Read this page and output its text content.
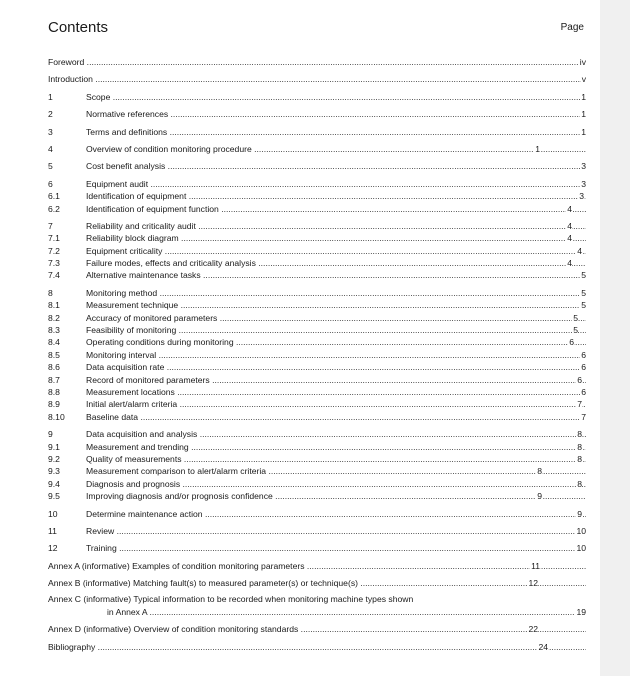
Contents	Page
Foreword .....	iv
Introduction .....	v
1	Scope .....	1
2	Normative references .....	1
3	Terms and definitions .....	1
4	Overview of condition monitoring procedure .....	1
5	Cost benefit analysis .....	3
6	Equipment audit .....	3
6.1	Identification of equipment .....	3
6.2	Identification of equipment function .....	4
7	Reliability and criticality audit .....	4
7.1	Reliability block diagram .....	4
7.2	Equipment criticality .....	4
7.3	Failure modes, effects and criticality analysis .....	4
7.4	Alternative maintenance tasks .....	5
8	Monitoring method .....	5
8.1	Measurement technique .....	5
8.2	Accuracy of monitored parameters .....	5
8.3	Feasibility of monitoring .....	5
8.4	Operating conditions during monitoring .....	6
8.5	Monitoring interval .....	6
8.6	Data acquisition rate .....	6
8.7	Record of monitored parameters .....	6
8.8	Measurement locations .....	6
8.9	Initial alert/alarm criteria .....	7
8.10 Baseline data .....	7
9	Data acquisition and analysis .....	8
9.1	Measurement and trending .....	8
9.2	Quality of measurements .....	8
9.3	Measurement comparison to alert/alarm criteria .....	8
9.4	Diagnosis and prognosis .....	8
9.5	Improving diagnosis and/or prognosis confidence .....	9
10	Determine maintenance action .....	9
11	Review .....	10
12	Training .....	10
Annex A (informative) Examples of condition monitoring parameters .....	11
Annex B (informative) Matching fault(s) to measured parameter(s) or technique(s) .....	12
Annex C (informative) Typical information to be recorded when monitoring machine types shown
in Annex A .....	19
Annex D (informative) Overview of condition monitoring standards .....	22
Bibliography .....	24
